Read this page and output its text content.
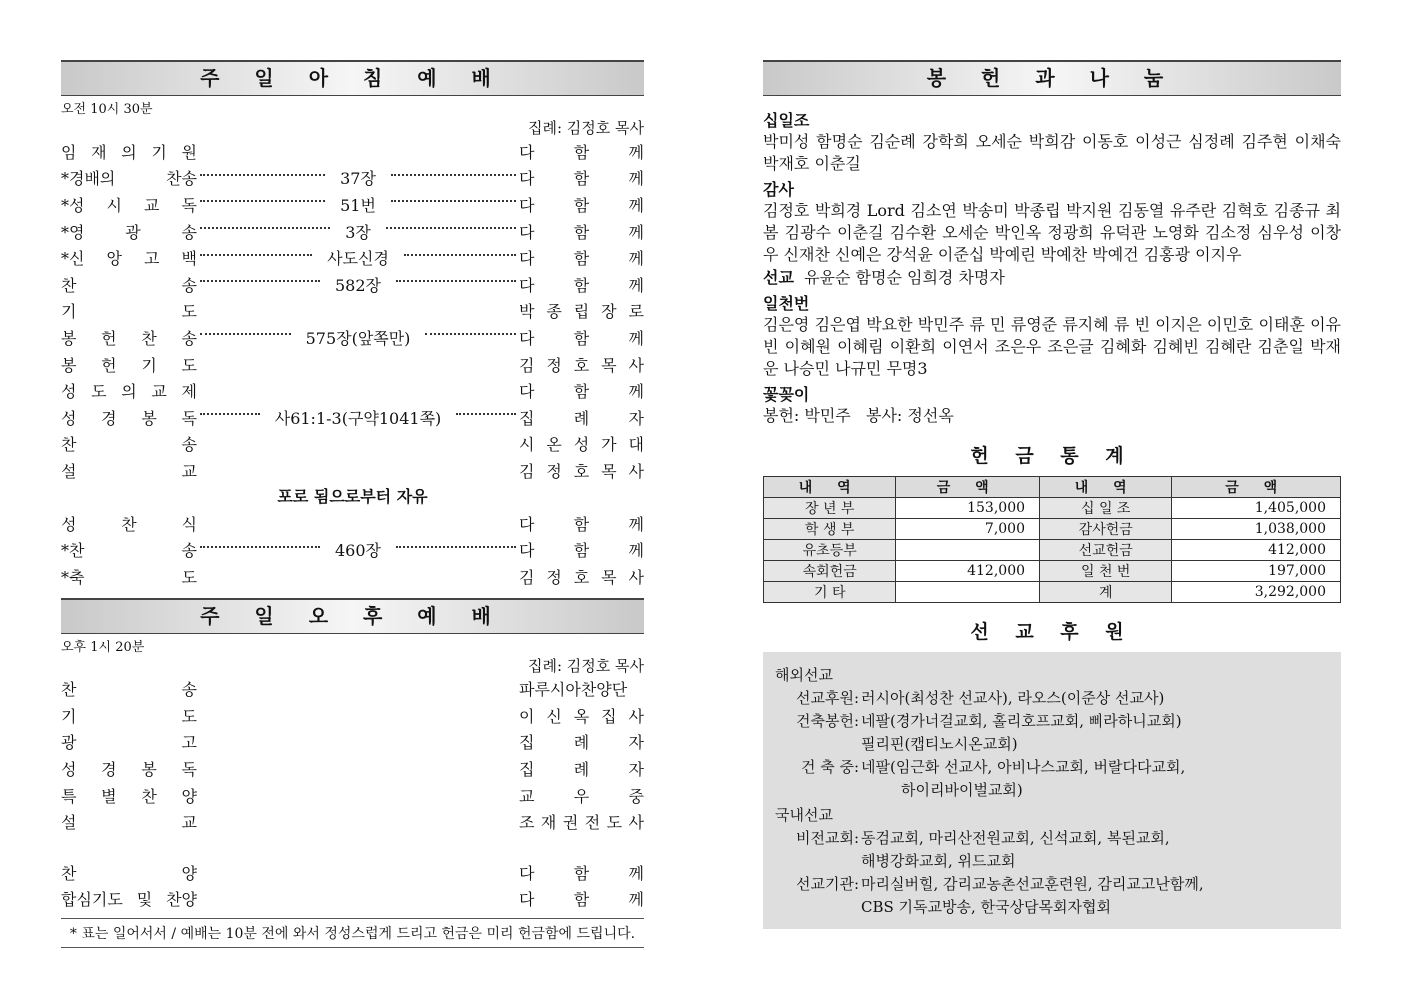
주 일 아 침 예 배
오전 10시 30분
집례: 김정호 목사
임 재 의 기 원	다 함 께
*경배의	찬송	37장	다 함 께
*성 시 교 독	51번	다 함 께
*영	광	송	3장	다 함 께
*신 앙 고 백	사도신경	다 함 께
찬	송	582장	다 함 께
기	도	박 종 립 장 로
봉 헌 찬 송	575장(앞쪽만)	다 함 께
봉 헌 기 도	김 정 호 목 사
성 도 의 교 제	다 함 께
성 경 봉 독	사61:1-3(구약1041쪽)	집 례 자
찬	송	시 온 성 가 대
설	교	김 정 호 목 사
포로 됨으로부터 자유
성	찬	식	다 함 께
*찬	송	460장	다 함 께
*축	도	김 정 호 목 사
주 일 오 후 예 배
오후 1시 20분
집례: 김정호 목사
찬	송	파루시아찬양단
기	도	이 신 옥 집 사
광	고	집 례 자
성 경 봉 독	집 례 자
특 별 찬 양	교 우 중
설	교	조 재 권 전 도 사
찬	양	다 함 께
합심기도 및 찬양	다 함 께
* 표는 일어서서 / 예배는 10분 전에 와서 정성스럽게 드리고 헌금은 미리 헌금함에 드립니다.
봉 헌 과 나 눔
십일조
박미성 함명순 김순례 강학희 오세순 박희감 이동호 이성근 심정례 김주현 이채숙 박재호 이춘길
감사
김정호 박희경 Lord 김소연 박송미 박종립 박지원 김동열 유주란 김혁호 김종규 최 봄 김광수 이춘길 김수환 오세순 박인옥 정광희 유덕관 노영화 김소정 심우성 이창우 신재찬 신예은 강석윤 이준십 박예린 박예찬 박예건 김홍광 이지우
선교 유윤순 함명순 임희경 차명자
일천번
김은영 김은엽 박요한 박민주 류 민 류영준 류지혜 류 빈 이지은 이민호 이태훈 이유빈 이혜원 이혜림 이환희 이연서 조은우 조은글 김혜화 김혜빈 김혜란 김춘일 박재운 나승민 나규민 무명3
꽃꽂이
봉헌: 박민주   봉사: 정선옥
헌 금 통 계
내 역	금 액	내 역	금 액
장 년 부	153,000	십 일 조	1,405,000
학 생 부	7,000	감사헌금	1,038,000
유초등부		선교헌금	412,000
속회헌금	412,000	일 천 번	197,000
기 타		계	3,292,000
선 교 후 원
해외선교
선교후원: 러시아(최성찬 선교사), 라오스(이준상 선교사)
건축봉헌: 네팔(경가너걸교회, 홀리호프교회, 삐라하니교회)
필리핀(캡티노시온교회)
건 축 중: 네팔(임근화 선교사, 아비나스교회, 버랄다다교회,
하이리바이벌교회)
국내선교
비전교회: 동검교회, 마리산전원교회, 신석교회, 복된교회,
해병강화교회, 위드교회
선교기관: 마리실버힐, 감리교농촌선교훈련원, 감리교고난함께,
CBS 기독교방송, 한국상담목회자협회
